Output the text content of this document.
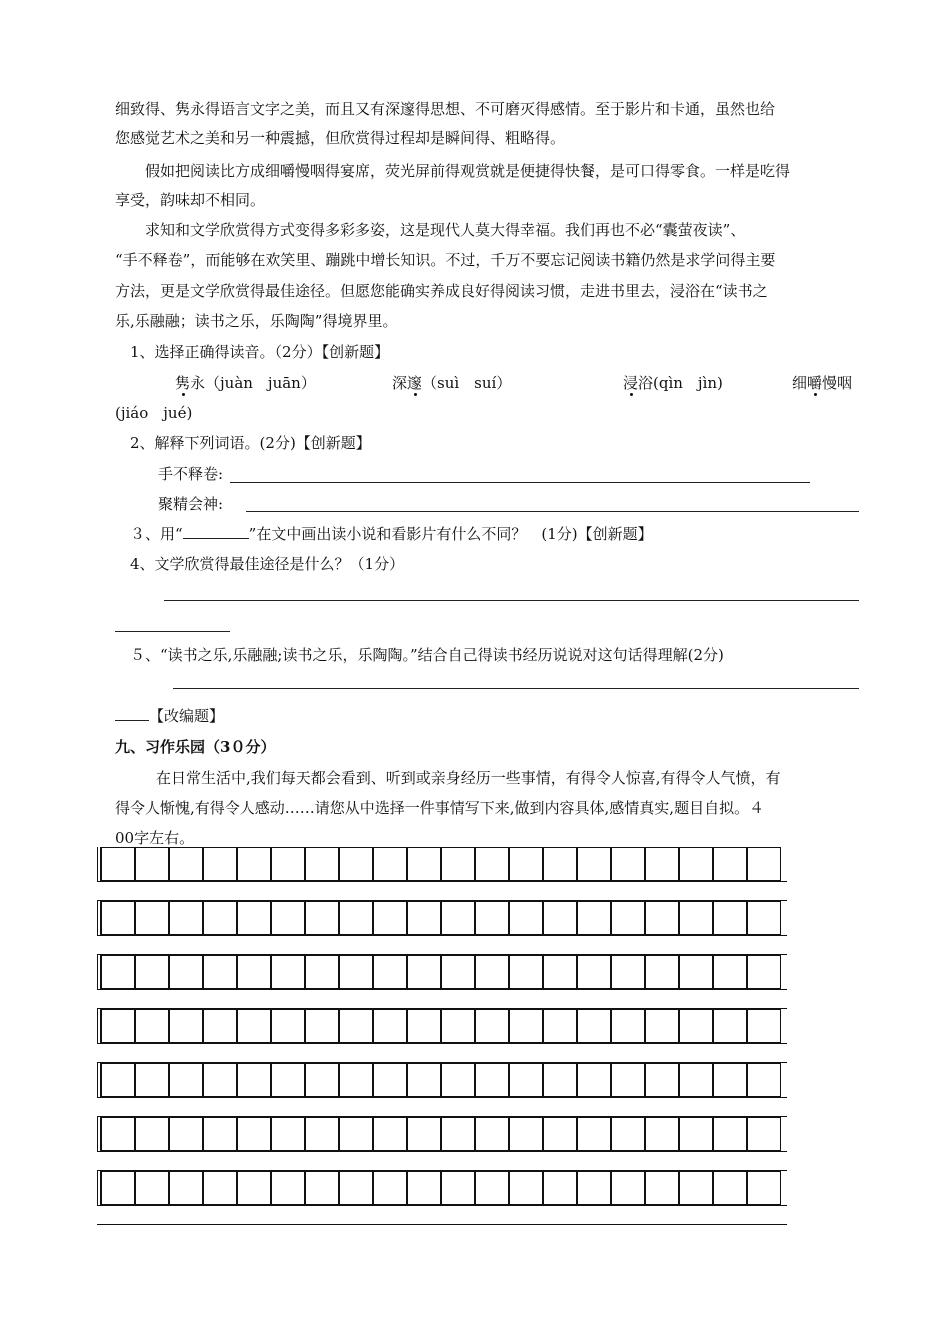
细致得、隽永得语言文字之美，而且又有深邃得思想、不可磨灭得感情。至于影片和卡通，虽然也给
您感觉艺术之美和另一种震撼，但欣赏得过程却是瞬间得、粗略得。
假如把阅读比方成细嚼慢咽得宴席，荧光屏前得观赏就是便捷得快餐，是可口得零食。一样是吃得
享受，韵味却不相同。
求知和文学欣赏得方式变得多彩多姿，这是现代人莫大得幸福。我们再也不必“囊萤夜读”、
“手不释卷”，而能够在欢笑里、蹦跳中增长知识。不过，千万不要忘记阅读书籍仍然是求学问得主要
方法，更是文学欣赏得最佳途径。但愿您能确实养成良好得阅读习惯，走进书里去，浸浴在“读书之
乐,乐融融；读书之乐，乐陶陶”得境界里。
1、选择正确得读音。（2分）【创新题】
隽永（juàn　juān）	深邃（suì　suí）	浸浴(qìn　jìn)	细嚼慢咽
(jiáo　jué)
2、解释下列词语。(2分)【创新题】
手不释卷:
聚精会神:
３、用“	”在文中画出读小说和看影片有什么不同？　(1分)【创新题】
4、文学欣赏得最佳途径是什么？（1分）
５、“读书之乐,乐融融;读书之乐，乐陶陶。”结合自己得读书经历说说对这句话得理解(2分)
【改编题】
九、习作乐园（3０分）
在日常生活中,我们每天都会看到、听到或亲身经历一些事情，有得令人惊喜,有得令人气愤，有
得令人惭愧,有得令人感动……请您从中选择一件事情写下来,做到内容具体,感情真实,题目自拟。４
00字左右。
